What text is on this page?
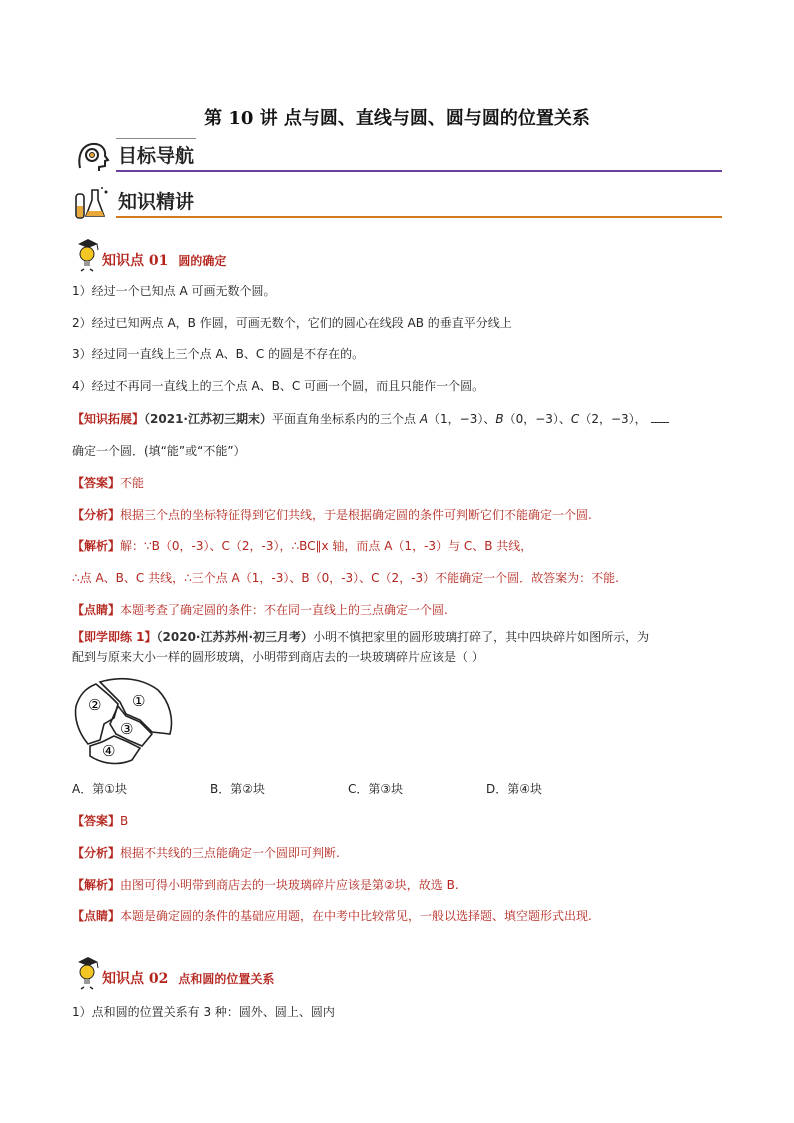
第 10 讲 点与圆、直线与圆、圆与圆的位置关系
目标导航
知识精讲
知识点 01 圆的确定
1）经过一个已知点 A 可画无数个圆。
2）经过已知两点 A，B 作圆，可画无数个，它们的圆心在线段 AB 的垂直平分线上
3）经过同一直线上三个点 A、B、C 的圆是不存在的。
4）经过不再同一直线上的三个点 A、B、C 可画一个圆，而且只能作一个圆。
【知识拓展】（2021·江苏初三期末）平面直角坐标系内的三个点 A（1，−3）、B（0，−3）、C（2，−3），
确定一个圆．(填“能”或“不能”）
【答案】不能
【分析】根据三个点的坐标特征得到它们共线，于是根据确定圆的条件可判断它们不能确定一个圆.
【解析】解：∵B（0，-3）、C（2，-3），∴BC∥x 轴，而点 A（1，-3）与 C、B 共线，
∴点 A、B、C 共线，∴三个点 A（1，-3）、B（0，-3）、C（2，-3）不能确定一个圆．故答案为：不能.
【点睛】本题考查了确定圆的条件：不在同一直线上的三点确定一个圆.
【即学即练 1】（2020·江苏苏州·初三月考）小明不慎把家里的圆形玻璃打碎了，其中四块碎片如图所示，为
配到与原来大小一样的圆形玻璃，小明带到商店去的一块玻璃碎片应该是（ ）
② ①
③
④
A．第①块	B．第②块	C．第③块	D．第④块
【答案】B
【分析】根据不共线的三点能确定一个圆即可判断.
【解析】由图可得小明带到商店去的一块玻璃碎片应该是第②块，故选 B.
【点睛】本题是确定圆的条件的基础应用题，在中考中比较常见，一般以选择题、填空题形式出现.
知识点 02 点和圆的位置关系
1）点和圆的位置关系有 3 种：圆外、圆上、圆内
